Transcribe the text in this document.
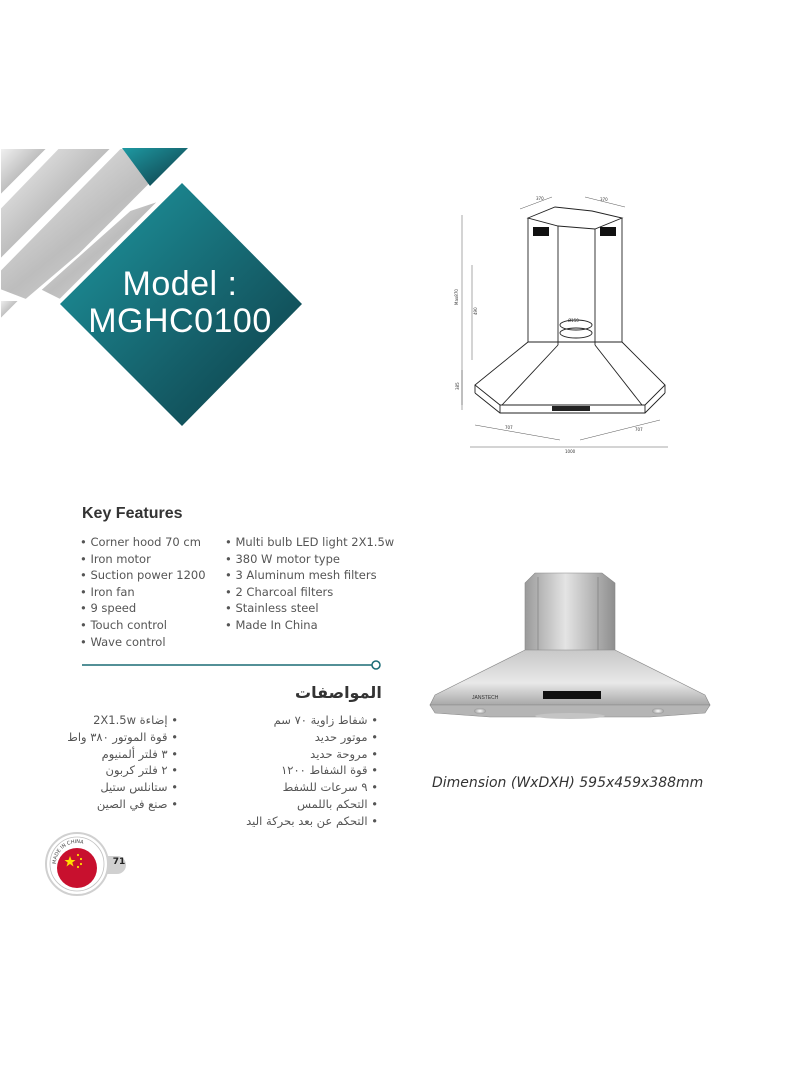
Model :
MGHC0100
370	370
Max870
490
385
Ø150
707	707
1000
Key Features
• Corner hood 70 cm
• Iron motor
• Suction power 1200
• Iron fan
• 9 speed
• Touch control
• Wave control
• Multi bulb LED light 2X1.5w
• 380 W motor type
• 3 Aluminum mesh filters
• 2 Charcoal filters
• Stainless steel
• Made In China
المواصفات
• شفاط زاوية ٧٠ سم
• موتور حديد
• مروحة حديد
• قوة الشفاط ١٢٠٠
• ٩ سرعات للشفط
• التحكم باللمس
• التحكم عن بعد بحركة اليد
• إضاءة 2X1.5w
• قوة الموتور ٣٨٠ واط
• ٣ فلتر ألمنيوم
• ٢ فلتر كربون
• ستانلس ستيل
• صنع في الصين
JANSTECH
Dimension (WxDXH) 595x459x388mm
MADE IN CHINA
71
